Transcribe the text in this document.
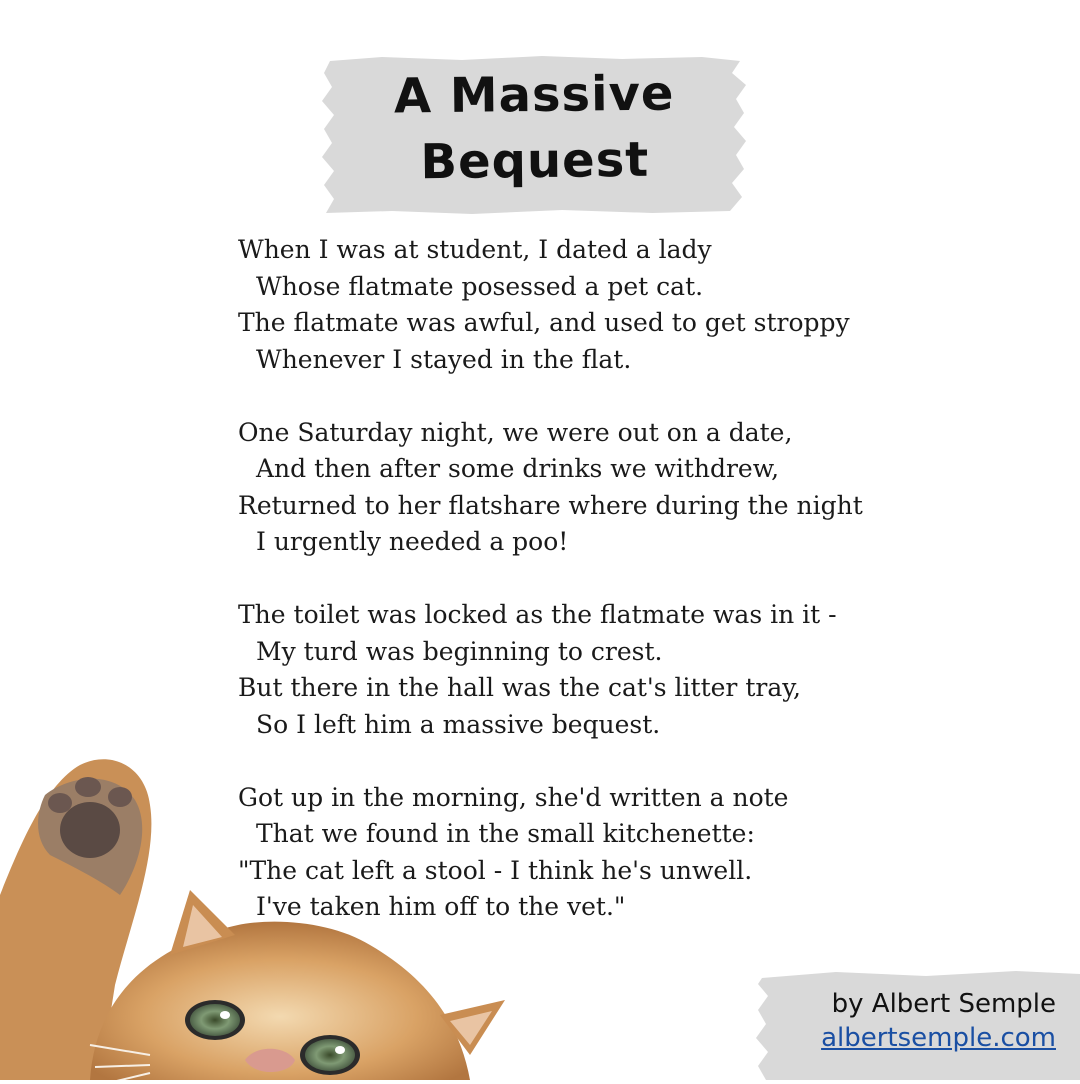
A Massive
Bequest
When I was at student, I dated a lady
Whose flatmate posessed a pet cat.
The flatmate was awful, and used to get stroppy
Whenever I stayed in the flat.
One Saturday night, we were out on a date,
And then after some drinks we withdrew,
Returned to her flatshare where during the night
I urgently needed a poo!
The toilet was locked as the flatmate was in it -
My turd was beginning to crest.
But there in the hall was the cat's litter tray,
So I left him a massive bequest.
Got up in the morning, she'd written a note
That we found in the small kitchenette:
"The cat left a stool - I think he's unwell.
I've taken him off to the vet."
by Albert Semple
albertsemple.com
